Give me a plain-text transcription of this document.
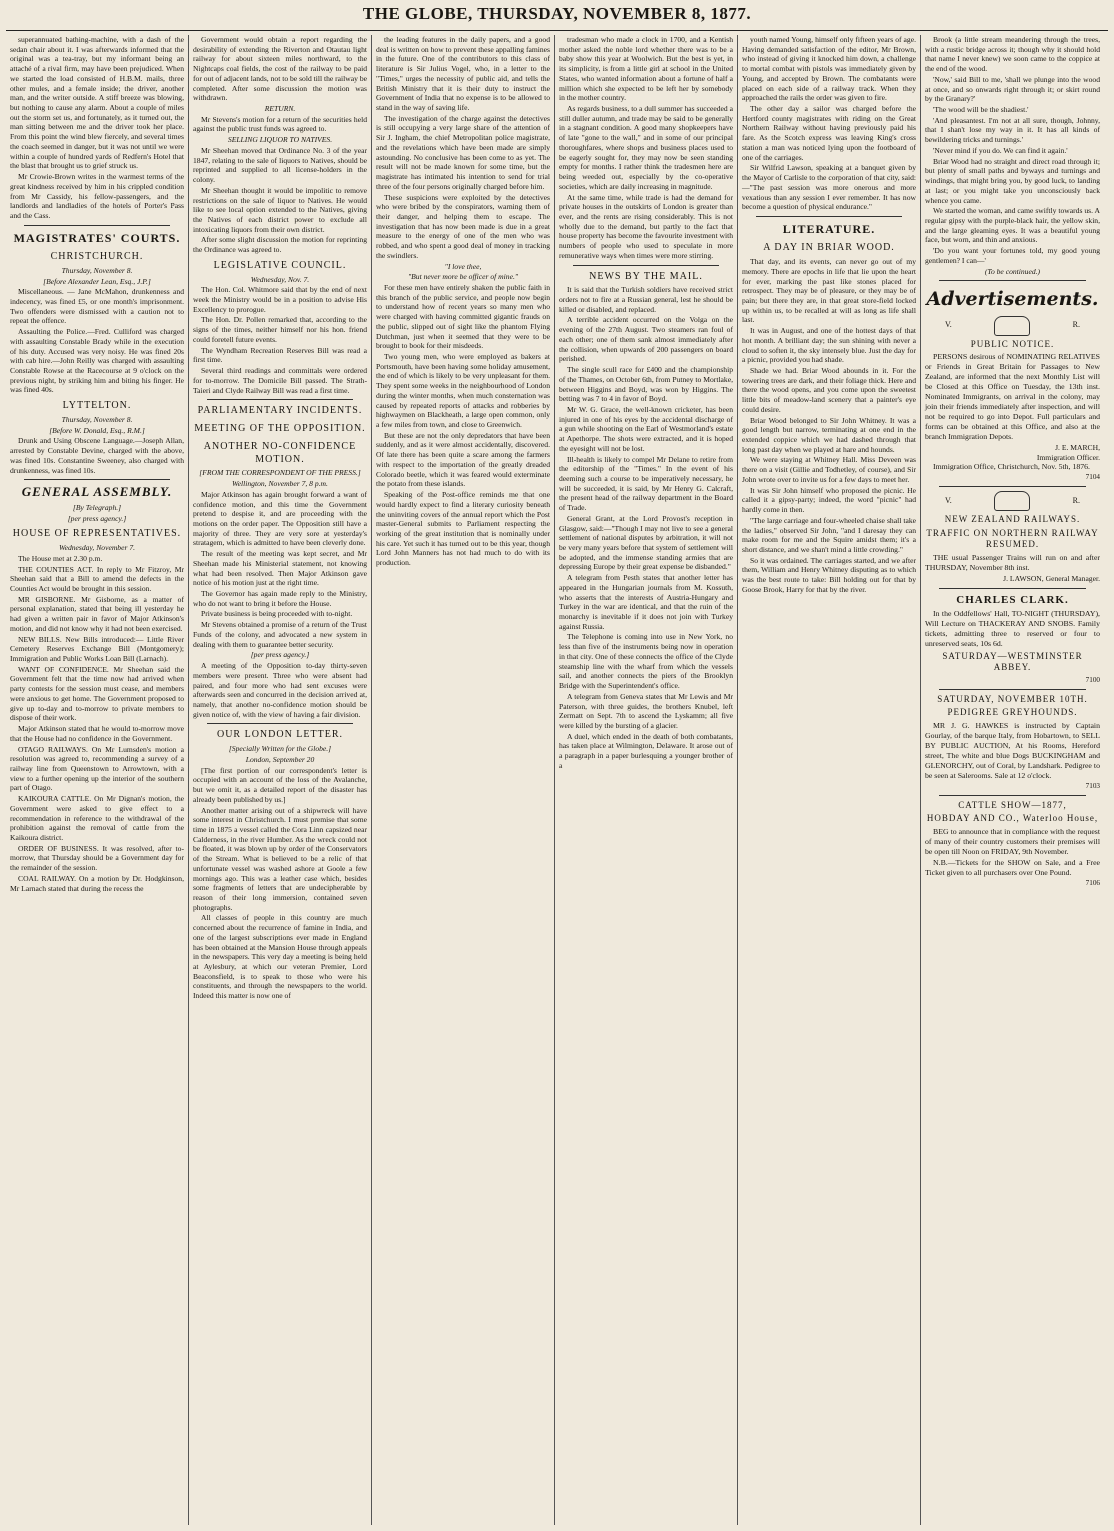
THE GLOBE, THURSDAY, NOVEMBER 8, 1877.

superannuated bathing-machine, with a dash of the sedan chair about it. I was afterwards informed that the original was a tea-tray, but my informant being an attaché of a rival firm, may have been prejudiced. When we started the load consisted of H.B.M. mails, three other mules, and a female inside; the driver, another man, and the writer outside. A stiff breeze was blowing, but nothing to cause any alarm. About a couple of miles out the storm set us, and fortunately, as it turned out, the man sitting between me and the driver took her place. From this point the wind blew fiercely, and several times the coach seemed in danger, but it was not until we were within a couple of hundred yards of Redfern's Hotel that the blast that brought us to grief struck us.

Mr Crowie-Brown writes in the warmest terms of the great kindness received by him in his crippled condition from Mr Cassidy, his fellow-passengers, and the landlords and landladies of the hotels of Porter's Pass and the Cass.

MAGISTRATES' COURTS.
CHRISTCHURCH.
Thursday, November 8.
[Before Alexander Lean, Esq., J.P.]

Miscellaneous. — Jane McMahon, drunkenness and indecency, was fined £5, or one month's imprisonment. Two offenders were dismissed with a caution not to repeat the offence.

Assaulting the Police.—Fred. Culliford was charged with assaulting Constable Brady while in the execution of his duty. Accused was very noisy. He was fined 20s with cab hire.—John Reilly was charged with assaulting Constable Rowse at the Racecourse at 9 o'clock on the previous night, by striking him and biting his finger. He was fined 40s.

LYTTELTON.
Thursday, November 8.
[Before W. Donald, Esq., R.M.]

Drunk and Using Obscene Language.—Joseph Allan, arrested by Constable Devine, charged with the above, was fined 10s. Constantine Sweeney, also charged with drunkenness, was fined 10s.

GENERAL ASSEMBLY.
[By Telegraph.]
[per press agency.]
HOUSE OF REPRESENTATIVES.
Wednesday, November 7.

The House met at 2.30 p.m.

THE COUNTIES ACT. In reply to Mr Fitzroy, Mr Sheehan said that a Bill to amend the defects in the Counties Act would be brought in this session.

MR GISBORNE. Mr Gisborne, as a matter of personal explanation, stated that being ill yesterday he had given a written pair in favor of Major Atkinson's motion, and did not know why it had not been exercised.

NEW BILLS. New Bills introduced:— Little River Cemetery Reserves Exchange Bill (Montgomery); Immigration and Public Works Loan Bill (Larnach).

WANT OF CONFIDENCE. Mr Sheehan said the Government felt that the time now had arrived when party contests for the session must cease, and members were anxious to get home. The Government proposed to give up to-day and to-morrow to private members to dispose of their work.

Major Atkinson stated that he would to-morrow move that the House had no confidence in the Government.

OTAGO RAILWAYS. On Mr Lumsden's motion a resolution was agreed to, recommending a survey of a railway line from Queenstown to Arrowtown, with a view to a further opening up the interior of the southern part of Otago.

KAIKOURA CATTLE. On Mr Dignan's motion, the Government were asked to give effect to a recommendation in reference to the withdrawal of the prohibition against the removal of cattle from the Kaikoura district.

ORDER OF BUSINESS. It was resolved, after to-morrow, that Thursday should be a Government day for the remainder of the session.

COAL RAILWAY. On a motion by Dr. Hodgkinson, Mr Larnach stated that during the recess the

Government would obtain a report regarding the desirability of extending the Riverton and Otautau light railway for about sixteen miles northward, to the Nightcaps coal fields, the cost of the railway to be paid for out of adjacent lands, not to be sold till the railway be completed. After some discussion the motion was withdrawn.

RETURN.

Mr Stevens's motion for a return of the securities held against the public trust funds was agreed to.

SELLING LIQUOR TO NATIVES.

Mr Sheehan moved that Ordinance No. 3 of the year 1847, relating to the sale of liquors to Natives, should be reprinted and supplied to all license-holders in the colony.

Mr Sheehan thought it would be impolitic to remove restrictions on the sale of liquor to Natives. He would like to see local option extended to the Natives, giving the Natives of each district power to exclude all intoxicating liquors from their own district.

After some slight discussion the motion for reprinting the Ordinance was agreed to.

LEGISLATIVE COUNCIL.
Wednesday, Nov. 7.

The Hon. Col. Whitmore said that by the end of next week the Ministry would be in a position to advise His Excellency to prorogue.

The Hon. Dr. Pollen remarked that, according to the signs of the times, neither himself nor his hon. friend could foretell future events.

The Wyndham Recreation Reserves Bill was read a first time.

Several third readings and committals were ordered for to-morrow. The Domicile Bill passed. The Strath-Taieri and Clyde Railway Bill was read a first time.

PARLIAMENTARY INCIDENTS.
MEETING OF THE OPPOSITION.
ANOTHER NO-CONFIDENCE MOTION.
[FROM THE CORRESPONDENT OF THE PRESS.]
Wellington, November 7, 8 p.m.

Major Atkinson has again brought forward a want of confidence motion, and this time the Government pretend to despise it, and are proceeding with the motions on the order paper. The Opposition still have a majority of three. They are very sore at yesterday's stratagem, which is admitted to have been cleverly done.

The result of the meeting was kept secret, and Mr Sheehan made his Ministerial statement, not knowing what had been resolved. Then Major Atkinson gave notice of his motion just at the right time.

The Governor has again made reply to the Ministry, who do not want to bring it before the House.

Private business is being proceeded with to-night.

Mr Stevens obtained a promise of a return of the Trust Funds of the colony, and advocated a new system in dealing with them to guarantee better security.

[per press agency.]

A meeting of the Opposition to-day thirty-seven members were present. Three who were absent had paired, and four more who had sent excuses were afterwards seen and concurred in the decision arrived at, namely, that another no-confidence motion should be given notice of, with the view of having a fair division.

OUR LONDON LETTER.
[Specially Written for the Globe.]
London, September 20

[The first portion of our correspondent's letter is occupied with an account of the loss of the Avalanche, but we omit it, as a detailed report of the disaster has already been published by us.]

Another matter arising out of a shipwreck will have some interest in Christchurch. I must premise that some time in 1875 a vessel called the Cora Linn capsized near Calderness, in the river Humber. As the wreck could not be floated, it was blown up by order of the Conservators of the Stream. What is believed to be a relic of that unfortunate vessel was washed ashore at Goole a few mornings ago. This was a leather case which, besides some fragments of letters that are undecipherable by reason of their long immersion, contained seven photographs.

All classes of people in this country are much concerned about the recurrence of famine in India, and one of the largest subscriptions ever made in England has been obtained at the Mansion House through appeals in the newspapers. This very day a meeting is being held at Aylesbury, at which our veteran Premier, Lord Beaconsfield, is to speak to those who were his constituents, and through the newspapers to the world. Indeed this matter is now one of

the leading features in the daily papers, and a good deal is written on how to prevent these appalling famines in the future. One of the contributors to this class of literature is Sir Julius Vogel, who, in a letter to the "Times," urges the necessity of public aid, and tells the British Ministry that it is their duty to instruct the Government of India that no expense is to be allowed to stand in the way of saving life.

The investigation of the charge against the detectives is still occupying a very large share of the attention of Sir J. Ingham, the chief Metropolitan police magistrate, and the revelations which have been made are simply astounding. No conclusive has been come to as yet. The result will not be made known for some time, but the magistrate has intimated his intention to send for trial three of the four persons originally charged before him.

These suspicions were exploited by the detectives who were bribed by the conspirators, warning them of their danger, and helping them to escape. The investigation that has now been made is due in a great measure to the energy of one of the men who was robbed, and who spent a good deal of money in tracking the swindlers.

"I love thee,
"But never more be officer of mine."

For these men have entirely shaken the public faith in this branch of the public service, and people now begin to understand how of recent years so many men who were charged with having committed gigantic frauds on the public, slipped out of sight like the phantom Flying Dutchman, just when it seemed that they were to be brought to book for their misdeeds.

Two young men, who were employed as bakers at Portsmouth, have been having some holiday amusement, the end of which is likely to be very unpleasant for them. They spent some weeks in the neighbourhood of London during the winter months, when much consternation was caused by repeated reports of attacks and robberies by highwaymen on Blackheath, a large open common, only a few miles from town, and close to Greenwich.

But these are not the only depredators that have been suddenly, and as it were almost accidentally, discovered. Of late there has been quite a scare among the farmers with respect to the importation of the greatly dreaded Colorado beetle, which it was feared would exterminate the potato from these islands.

Speaking of the Post-office reminds me that one would hardly expect to find a literary curiosity beneath the uninviting covers of the annual report which the Post master-General submits to Parliament respecting the working of the great institution that is nominally under his care. Yet such it has turned out to be this year, though Lord John Manners has not had much to do with its production.

tradesman who made a clock in 1700, and a Kentish mother asked the noble lord whether there was to be a baby show this year at Woolwich. But the best is yet, in its simplicity, is from a little girl at school in the United States, who wanted information about a fortune of half a million which she expected to be left her by somebody in the mother country.

As regards business, to a dull summer has succeeded a still duller autumn, and trade may be said to be generally in a stagnant condition. A good many shopkeepers have of late "gone to the wall," and in some of our principal thoroughfares, where shops and business places used to be eagerly sought for, they may now be seen standing empty for months. I rather think the tradesmen here are being weeded out, especially by the co-operative societies, which are daily increasing in magnitude.

At the same time, while trade is had the demand for private houses in the outskirts of London is greater than ever, and the rents are rising considerably. This is not wholly due to the demand, but partly to the fact that house property has become the favourite investment with numbers of people who used to speculate in more remunerative ways when times were more stirring.

NEWS BY THE MAIL.

It is said that the Turkish soldiers have received strict orders not to fire at a Russian general, lest he should be killed or disabled, and replaced.

A terrible accident occurred on the Volga on the evening of the 27th August. Two steamers ran foul of each other; one of them sank almost immediately after the collision, when upwards of 200 passengers on board perished.

The single scull race for £400 and the championship of the Thames, on October 6th, from Putney to Mortlake, between Higgins and Boyd, was won by Higgins. The betting was 7 to 4 in favor of Boyd.

Mr W. G. Grace, the well-known cricketer, has been injured in one of his eyes by the accidental discharge of a gun while shooting on the Earl of Westmorland's estate at Apethorpe. The shots were extracted, and it is hoped the eyesight will not be lost.

Ill-health is likely to compel Mr Delane to retire from the editorship of the "Times." In the event of his deeming such a course to be imperatively necessary, he will be succeeded, it is said, by Mr Henry G. Calcraft, the present head of the railway department in the Board of Trade.

General Grant, at the Lord Provost's reception in Glasgow, said:—"Though I may not live to see a general settlement of national disputes by arbitration, it will not be very many years before that system of settlement will be adopted, and the immense standing armies that are depressing Europe by their great expense be disbanded."

A telegram from Pesth states that another letter has appeared in the Hungarian journals from M. Kossuth, who asserts that the interests of Austria-Hungary and Turkey in the war are identical, and that the ruin of the monarchy is inevitable if it does not join with Turkey against Russia.

The Telephone is coming into use in New York, no less than five of the instruments being now in operation in that city. One of these connects the office of the Clyde steamship line with the wharf from which the vessels sail, and another connects the piers of the Brooklyn Bridge with the Superintendent's office.

A telegram from Geneva states that Mr Lewis and Mr Paterson, with three guides, the brothers Knubel, left Zermatt on Sept. 7th to ascend the Lyskamm; all five were killed by the bursting of a glacier.

A duel, which ended in the death of both combatants, has taken place at Wilmington, Delaware. It arose out of a paragraph in a paper burlesquing a younger brother of a

youth named Young, himself only fifteen years of age. Having demanded satisfaction of the editor, Mr Brown, who instead of giving it knocked him down, a challenge to mortal combat with pistols was immediately given by Young, and accepted by Brown. The combatants were placed on each side of a railway track. When they approached the rails the order was given to fire.

The other day a sailor was charged before the Hertford county magistrates with riding on the Great Northern Railway without having previously paid his fare. As the Scotch express was leaving King's cross station a man was noticed lying upon the footboard of one of the carriages.

Sir Wilfrid Lawson, speaking at a banquet given by the Mayor of Carlisle to the corporation of that city, said:—"The past session was more onerous and more vexatious than any session I ever remember. It has now become a question of physical endurance."

LITERATURE.
A DAY IN BRIAR WOOD.

That day, and its events, can never go out of my memory. There are epochs in life that lie upon the heart for ever, marking the past like stones placed for retrospect. They may be of pleasure, or they may be of pain; but there they are, in that great store-field locked up within us, to be recalled at will as long as life shall last.

It was in August, and one of the hottest days of that hot month. A brilliant day; the sun shining with never a cloud to soften it, the sky intensely blue. Just the day for a picnic, provided you had shade.

Shade we had. Briar Wood abounds in it. For the towering trees are dark, and their foliage thick. Here and there the wood opens, and you come upon the sweetest little bits of meadow-land scenery that a painter's eye could desire.

Briar Wood belonged to Sir John Whitney. It was a good length but narrow, terminating at one end in the extended coppice which we had dashed through that long past day when we played at hare and hounds.

We were staying at Whitney Hall. Miss Deveen was there on a visit (Gillie and Todhetley, of course), and Sir John wrote over to invite us for a few days to meet her.

It was Sir John himself who proposed the picnic. He called it a gipsy-party; indeed, the word "picnic" had hardly come in then.

"The large carriage and four-wheeled chaise shall take the ladies," observed Sir John, "and I daresay they can make room for me and the Squire amidst them; it's a short distance, and we shan't mind a little crowding."

So it was ordained. The carriages started, and we after them, William and Henry Whitney disputing as to which was the best route to take: Bill holding out for that by Goose Brook, Harry for that by the river.

Brook (a little stream meandering through the trees, with a rustic bridge across it; though why it should hold that name I never knew) we soon came to the coppice at the end of the wood.

'Now,' said Bill to me, 'shall we plunge into the wood at once, and so onwards right through it; or skirt round by the Granary?'

'The wood will be the shadiest.'

'And pleasantest. I'm not at all sure, though, Johnny, that I shan't lose my way in it. It has all kinds of bewildering tricks and turnings.'

'Never mind if you do. We can find it again.'

Briar Wood had no straight and direct road through it; but plenty of small paths and byways and turnings and windings, that might bring you, by good luck, to landing at last; or you might take you unconsciously back whence you came.

We started the woman, and came swiftly towards us. A regular gipsy with the purple-black hair, the yellow skin, and the large gleaming eyes. It was a beautiful young face, but worn, and thin and anxious.

'Do you want your fortunes told, my good young gentlemen? I can—'

(To be continued.)
Advertisements.
V.	R.
PUBLIC NOTICE.

PERSONS desirous of NOMINATING RELATIVES or Friends in Great Britain for Passages to New Zealand, are informed that the next Monthly List will be Closed at this Office on Tuesday, the 13th inst. Nominated Immigrants, on arrival in the colony, may join their friends immediately after inspection, and will not be required to go into Depot. Full particulars and forms can be obtained at this Office, and also at the branch Immigration Depots.

J. E. MARCH,
Immigration Officer.

Immigration Office, Christchurch, Nov. 5th, 1876.

7104
V.	R.
NEW ZEALAND RAILWAYS.
TRAFFIC ON NORTHERN RAILWAY RESUMED.

THE usual Passenger Trains will run on and after THURSDAY, November 8th inst.

J. LAWSON, General Manager.
CHARLES CLARK.

In the Oddfellows' Hall, TO-NIGHT (THURSDAY), Will Lecture on THACKERAY AND SNOBS. Family tickets, admitting three to reserved or four to unreserved seats, 10s 6d.

SATURDAY—WESTMINSTER ABBEY.
7100
SATURDAY, NOVEMBER 10TH.
PEDIGREE GREYHOUNDS.

MR J. G. HAWKES is instructed by Captain Gourlay, of the barque Italy, from Hobartown, to SELL BY PUBLIC AUCTION, At his Rooms, Hereford street, The white and blue Dogs BUCKINGHAM and GLENORCHY, out of Coral, by Landshark. Pedigree to be seen at Salerooms. Sale at 12 o'clock.

7103
CATTLE SHOW—1877,
HOBDAY AND CO., Waterloo House,

BEG to announce that in compliance with the request of many of their country customers their premises will be open till Noon on FRIDAY, 9th November.

N.B.—Tickets for the SHOW on Sale, and a Free Ticket given to all purchasers over One Pound.

7106
